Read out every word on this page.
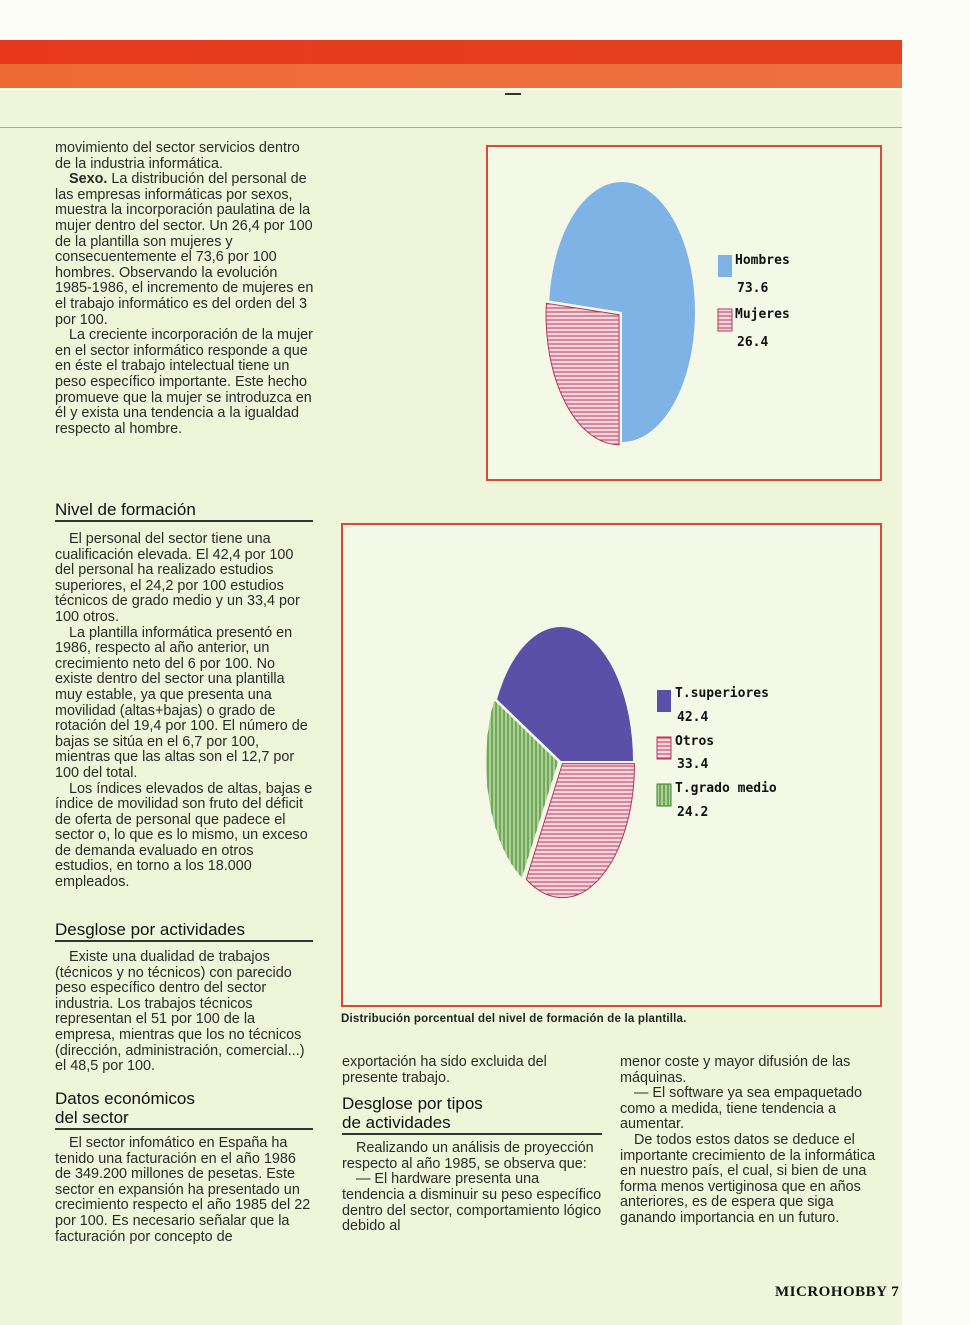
movimiento del sector servicios dentro de la industria informática.

Sexo. La distribución del personal de las empresas informáticas por sexos, muestra la incorporación paulatina de la mujer dentro del sector. Un 26,4 por 100 de la plantilla son mujeres y consecuentemente el 73,6 por 100 hombres. Observando la evolución 1985-1986, el incremento de mujeres en el trabajo informático es del orden del 3 por 100.

La creciente incorporación de la mujer en el sector informático responde a que en éste el trabajo intelectual tiene un peso específico importante. Este hecho promueve que la mujer se introduzca en él y exista una tendencia a la igualdad respecto al hombre.

Nivel de formación

El personal del sector tiene una cualificación elevada. El 42,4 por 100 del personal ha realizado estudios superiores, el 24,2 por 100 estudios técnicos de grado medio y un 33,4 por 100 otros.

La plantilla informática presentó en 1986, respecto al año anterior, un crecimiento neto del 6 por 100. No existe dentro del sector una plantilla muy estable, ya que presenta una movilidad (altas+bajas) o grado de rotación del 19,4 por 100. El número de bajas se sitúa en el 6,7 por 100, mientras que las altas son el 12,7 por 100 del total.

Los índices elevados de altas, bajas e índice de movilidad son fruto del déficit de oferta de personal que padece el sector o, lo que es lo mismo, un exceso de demanda evaluado en otros estudios, en torno a los 18.000 empleados.

Desglose por actividades

Existe una dualidad de trabajos (técnicos y no técnicos) con parecido peso específico dentro del sector industria. Los trabajos técnicos representan el 51 por 100 de la empresa, mientras que los no técnicos (dirección, administración, comercial...) el 48,5 por 100.

Datos económicos
del sector

El sector infomático en España ha tenido una facturación en el año 1986 de 349.200 millones de pesetas. Este sector en expansión ha presentado un crecimiento respecto el año 1985 del 22 por 100. Es necesario señalar que la facturación por concepto de

exportación ha sido excluida del presente trabajo.

Desglose por tipos
de actividades

Realizando un análisis de proyección respecto al año 1985, se observa que:

— El hardware presenta una tendencia a disminuir su peso específico dentro del sector, comportamiento lógico debido al

menor coste y mayor difusión de las máquinas.

— El software ya sea empaquetado como a medida, tiene tendencia a aumentar.

De todos estos datos se deduce el importante crecimiento de la informática en nuestro país, el cual, si bien de una forma menos vertiginosa que en años anteriores, es de espera que siga ganando importancia en un futuro.

Hombres
73.6
Mujeres
26.4
T.superiores
42.4
Otros
33.4
T.grado medio
24.2
Distribución porcentual del nivel de formación de la plantilla.
MICROHOBBY 7
